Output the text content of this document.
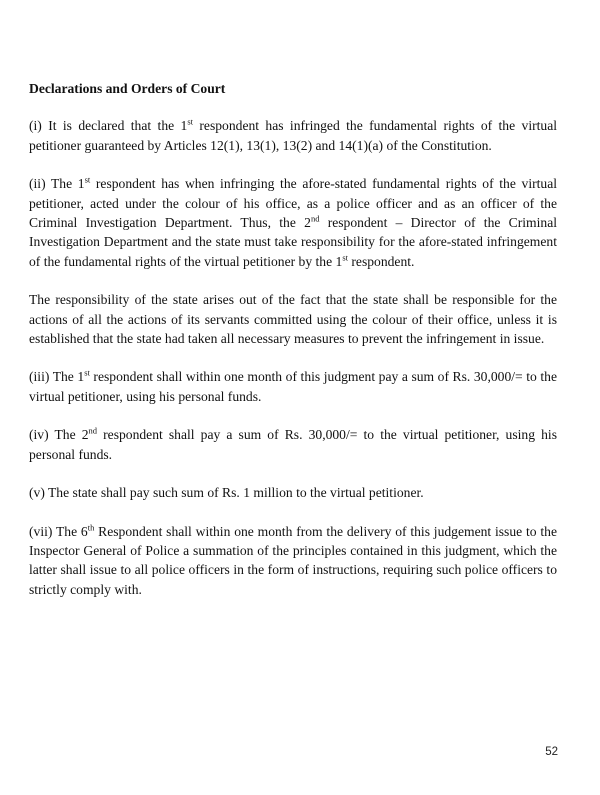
Declarations and Orders of Court

(i) It is declared that the 1st respondent has infringed the fundamental rights of the virtual petitioner guaranteed by Articles 12(1), 13(1), 13(2) and 14(1)(a) of the Constitution.

(ii) The 1st respondent has when infringing the afore-stated fundamental rights of the virtual petitioner, acted under the colour of his office, as a police officer and as an officer of the Criminal Investigation Department. Thus, the 2nd respondent – Director of the Criminal Investigation Department and the state must take responsibility for the afore-stated infringement of the fundamental rights of the virtual petitioner by the 1st respondent.

The responsibility of the state arises out of the fact that the state shall be responsible for the actions of all the actions of its servants committed using the colour of their office, unless it is established that the state had taken all necessary measures to prevent the infringement in issue.

(iii) The 1st respondent shall within one month of this judgment pay a sum of Rs. 30,000/= to the virtual petitioner, using his personal funds.

(iv) The 2nd respondent shall pay a sum of Rs. 30,000/= to the virtual petitioner, using his personal funds.

(v) The state shall pay such sum of Rs. 1 million to the virtual petitioner.

(vii) The 6th Respondent shall within one month from the delivery of this judgement issue to the Inspector General of Police a summation of the principles contained in this judgment, which the latter shall issue to all police officers in the form of instructions, requiring such police officers to strictly comply with.

52
